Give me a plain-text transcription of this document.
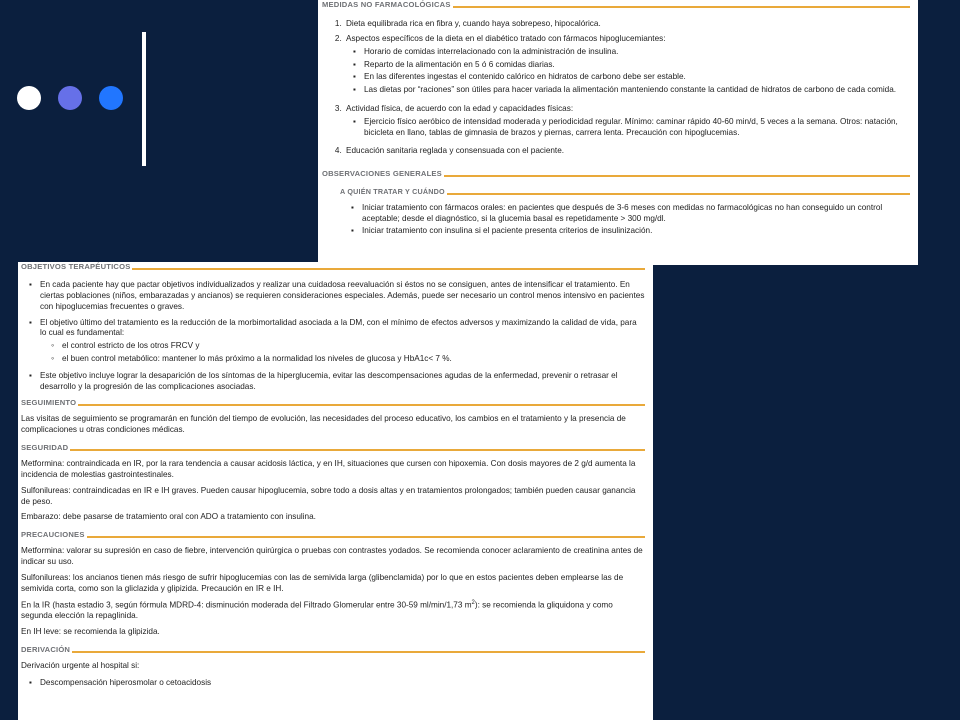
MEDIDAS NO FARMACOLÓGICAS
1. Dieta equilibrada rica en fibra y, cuando haya sobrepeso, hipocalórica.
2. Aspectos específicos de la dieta en el diabético tratado con fármacos hipoglucemiantes:
▪ Horario de comidas interrelacionado con la administración de insulina.
▪ Reparto de la alimentación en 5 ó 6 comidas diarias.
▪ En las diferentes ingestas el contenido calórico en hidratos de carbono debe ser estable.
▪ Las dietas por “raciones” son útiles para hacer variada la alimentación manteniendo constante la cantidad de hidratos de carbono de cada comida.
3. Actividad física, de acuerdo con la edad y capacidades físicas:
▪ Ejercicio físico aeróbico de intensidad moderada y periodicidad regular. Mínimo: caminar rápido 40-60 min/d, 5 veces a la semana. Otros: natación, bicicleta en llano, tablas de gimnasia de brazos y piernas, carrera lenta. Precaución con hipoglucemias.
4. Educación sanitaria reglada y consensuada con el paciente.
OBSERVACIONES GENERALES
A QUIÉN TRATAR Y CUÁNDO
▪ Iniciar tratamiento con fármacos orales: en pacientes que después de 3-6 meses con medidas no farmacológicas no han conseguido un control aceptable; desde el diagnóstico, si la glucemia basal es repetidamente > 300 mg/dl.
▪ Iniciar tratamiento con insulina si el paciente presenta criterios de insulinización.
OBJETIVOS TERAPÉUTICOS
▪ En cada paciente hay que pactar objetivos individualizados y realizar una cuidadosa reevaluación si éstos no se consiguen, antes de intensificar el tratamiento. En ciertas poblaciones (niños, embarazadas y ancianos) se requieren consideraciones especiales. Además, puede ser necesario un control menos intensivo en pacientes con hipoglucemias frecuentes o graves.
▪ El objetivo último del tratamiento es la reducción de la morbimortalidad asociada a la DM, con el mínimo de efectos adversos y maximizando la calidad de vida, para lo cual es fundamental:
◦ el control estricto de los otros FRCV y
◦ el buen control metabólico: mantener lo más próximo a la normalidad los niveles de glucosa y HbA1c< 7 %.
▪ Este objetivo incluye lograr la desaparición de los síntomas de la hiperglucemia, evitar las descompensaciones agudas de la enfermedad, prevenir o retrasar el desarrollo y la progresión de las complicaciones asociadas.
SEGUIMIENTO

Las visitas de seguimiento se programarán en función del tiempo de evolución, las necesidades del proceso educativo, los cambios en el tratamiento y la presencia de complicaciones u otras condiciones médicas.

SEGURIDAD

Metformina: contraindicada en IR, por la rara tendencia a causar acidosis láctica, y en IH, situaciones que cursen con hipoxemia. Con dosis mayores de 2 g/d aumenta la incidencia de molestias gastrointestinales.

Sulfonilureas: contraindicadas en IR e IH graves. Pueden causar hipoglucemia, sobre todo a dosis altas y en tratamientos prolongados; también pueden causar ganancia de peso.

Embarazo: debe pasarse de tratamiento oral con ADO a tratamiento con insulina.

PRECAUCIONES

Metformina: valorar su supresión en caso de fiebre, intervención quirúrgica o pruebas con contrastes yodados. Se recomienda conocer aclaramiento de creatinina antes de indicar su uso.

Sulfonilureas: los ancianos tienen más riesgo de sufrir hipoglucemias con las de semivida larga (glibenclamida) por lo que en estos pacientes deben emplearse las de semivida corta, como son la gliclazida y glipizida. Precaución en IR e IH.

En la IR (hasta estadio 3, según fórmula MDRD-4: disminución moderada del Filtrado Glomerular entre 30-59 ml/min/1,73 $m^2$): se recomienda la gliquidona y como segunda elección la repaglinida.

En IH leve: se recomienda la glipizida.

DERIVACIÓN

Derivación urgente al hospital si:

▪ Descompensación hiperosmolar o cetoacidosis
